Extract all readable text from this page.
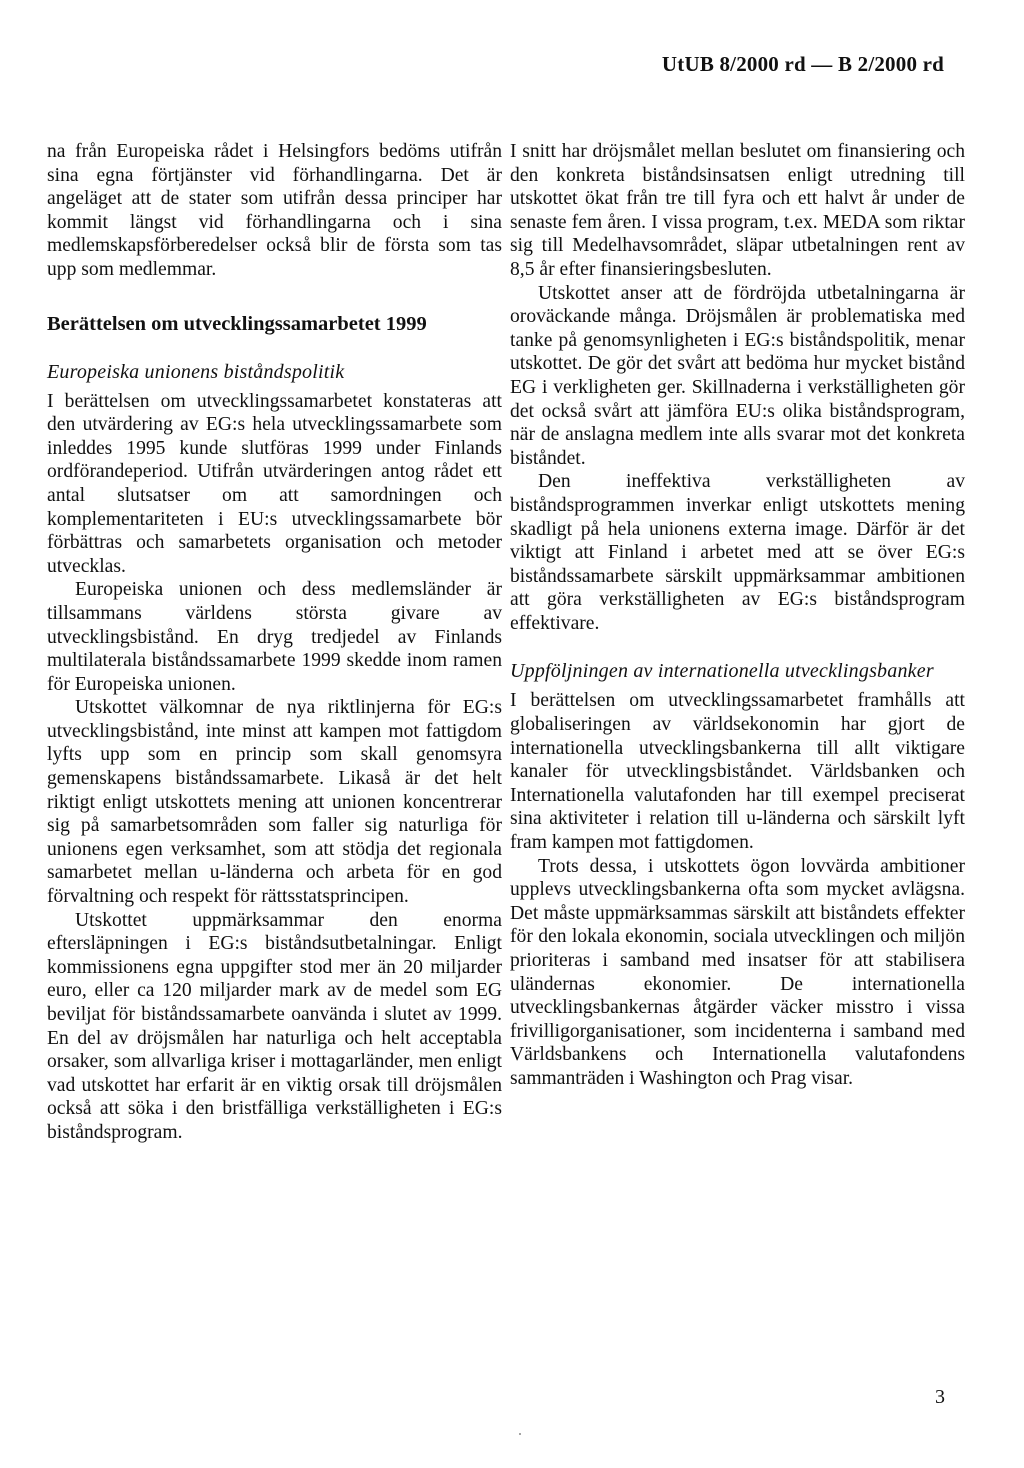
UtUB 8/2000 rd — B 2/2000 rd

na från Europeiska rådet i Helsingfors bedöms utifrån sina egna förtjänster vid förhandlingarna. Det är angeläget att de stater som utifrån dessa principer har kommit längst vid förhandlingarna och i sina medlemskapsförberedelser också blir de första som tas upp som medlemmar.

Berättelsen om utvecklingssamarbetet 1999
Europeiska unionens biståndspolitik

I berättelsen om utvecklingssamarbetet konstateras att den utvärdering av EG:s hela utvecklingssamarbete som inleddes 1995 kunde slutföras 1999 under Finlands ordförandeperiod. Utifrån utvärderingen antog rådet ett antal slutsatser om att samordningen och komplementariteten i EU:s utvecklingssamarbete bör förbättras och samarbetets organisation och metoder utvecklas.

Europeiska unionen och dess medlemsländer är tillsammans världens största givare av utvecklingsbistånd. En dryg tredjedel av Finlands multilaterala biståndssamarbete 1999 skedde inom ramen för Europeiska unionen.

Utskottet välkomnar de nya riktlinjerna för EG:s utvecklingsbistånd, inte minst att kampen mot fattigdom lyfts upp som en princip som skall genomsyra gemenskapens biståndssamarbete. Likaså är det helt riktigt enligt utskottets mening att unionen koncentrerar sig på samarbetsområden som faller sig naturliga för unionens egen verksamhet, som att stödja det regionala samarbetet mellan u-länderna och arbeta för en god förvaltning och respekt för rättsstatsprincipen.

Utskottet uppmärksammar den enorma eftersläpningen i EG:s biståndsutbetalningar. Enligt kommissionens egna uppgifter stod mer än 20 miljarder euro, eller ca 120 miljarder mark av de medel som EG beviljat för biståndssamarbete oanvända i slutet av 1999. En del av dröjsmålen har naturliga och helt acceptabla orsaker, som allvarliga kriser i mottagarländer, men enligt vad utskottet har erfarit är en viktig orsak till dröjsmålen också att söka i den bristfälliga verkställigheten i EG:s biståndsprogram.

I snitt har dröjsmålet mellan beslutet om finansiering och den konkreta biståndsinsatsen enligt utredning till utskottet ökat från tre till fyra och ett halvt år under de senaste fem åren. I vissa program, t.ex. MEDA som riktar sig till Medelhavsområdet, släpar utbetalningen rent av 8,5 år efter finansieringsbesluten.

Utskottet anser att de fördröjda utbetalningarna är oroväckande många. Dröjsmålen är problematiska med tanke på genomsynligheten i EG:s biståndspolitik, menar utskottet. De gör det svårt att bedöma hur mycket bistånd EG i verkligheten ger. Skillnaderna i verkställigheten gör det också svårt att jämföra EU:s olika biståndsprogram, när de anslagna medlem inte alls svarar mot det konkreta biståndet.

Den ineffektiva verkställigheten av biståndsprogrammen inverkar enligt utskottets mening skadligt på hela unionens externa image. Därför är det viktigt att Finland i arbetet med att se över EG:s biståndssamarbete särskilt uppmärksammar ambitionen att göra verkställigheten av EG:s biståndsprogram effektivare.

Uppföljningen av internationella utvecklingsbanker

I berättelsen om utvecklingssamarbetet framhålls att globaliseringen av världsekonomin har gjort de internationella utvecklingsbankerna till allt viktigare kanaler för utvecklingsbiståndet. Världsbanken och Internationella valutafonden har till exempel preciserat sina aktiviteter i relation till u-länderna och särskilt lyft fram kampen mot fattigdomen.

Trots dessa, i utskottets ögon lovvärda ambitioner upplevs utvecklingsbankerna ofta som mycket avlägsna. Det måste uppmärksammas särskilt att biståndets effekter för den lokala ekonomin, sociala utvecklingen och miljön prioriteras i samband med insatser för att stabilisera uländernas ekonomier. De internationella utvecklingsbankernas åtgärder väcker misstro i vissa frivilligorganisationer, som incidenterna i samband med Världsbankens och Internationella valutafondens sammanträden i Washington och Prag visar.

3
